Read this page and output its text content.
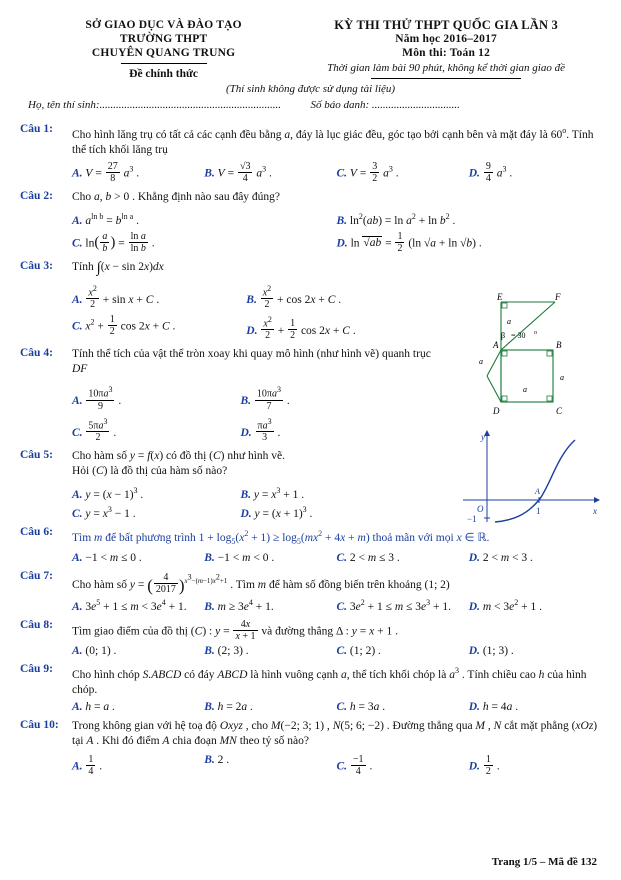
SỞ GIAO DỤC VÀ ĐÀO TẠO
TRƯỜNG THPT
CHUYÊN QUANG TRUNG
Đề chính thức
KỲ THI THỬ THPT QUỐC GIA LẦN 3
Năm học 2016–2017
Môn thi: Toán 12
Thời gian làm bài 90 phút, không kể thời gian giao đề
(Thí sinh không được sử dụng tài liệu)
Họ, tên thí sinh:..................................................................	Số báo danh: ................................
Câu 1:	Cho hình lăng trụ có tất cả các cạnh đều bằng a, đáy là lục giác đều, góc tạo bởi cạnh bên và mặt đáy là 60$^o$. Tính thể tích khối lăng trụ
A. $V = \frac{27}{8} a^3$ .	B. $V = \frac{√3}{4} a^3$ .	C. $V = \frac{3}{2} a^3$ .	D. $\frac{9}{4} a^3$ .
Câu 2:	Cho a, b > 0 . Khẳng định nào sau đây đúng?
A. $a^{ln b} = b^{ln a}$ .	B. $\ln^2(ab) = \ln a^2 + \ln b^2$ .
C. $\ln( \frac{a}{b}$ ) = $\frac{\text{ln a}}{\text{ln b}}$ .	D. $\ln √ab = \frac{1}{2} (\ln$ √a + ln √b) .
Câu 3:	Tính ∫(x − sin 2x)dx
A. $\frac{x^2}{2} + \sin x + C$ .	B. $\frac{x^2}{2} + \cos 2x + C$ .
C. $x^2 + \frac{1}{2}$ cos 2x + C .	D. $\frac{x^2}{2} + \frac{1}{2}$ cos 2x + C .
Câu 4:	Tính thể tích của vật thể tròn xoay khi quay mô hình (như hình vẽ) quanh trục DF
A. $\frac{10\pi a^3}{9}$ .	B. $\frac{10\pi a^3}{7}$ .
C. $\frac{5\pi a^3}{2}$ .	D. $\frac{\pi a^3}{3}$ .
Câu 5:	Cho hàm số y = f(x) có đồ thị (C) như hình vẽ.
Hỏi (C) là đồ thị của hàm số nào?
A. $y = (x - 1)^3$ .	B. $y = x^3 + 1$ .
C. $y = x^3 - 1$ .	D. $y = (x + 1)^3$ .
Câu 6:	Tìm m để bất phương trình $1 + \log_5(x^2 + 1) \ge \log_5(mx^2 + 4x + m)$ thoả mãn với mọi x ∈ ℝ.
A. −1 < m ≤ 0 .	B. −1 < m < 0 .	C. 2 < m ≤ 3 .	D. 2 < m < 3 .
Câu 7:
Cho hàm số y = ( $\frac{4}{2017} )^{x^3-(m-1)x^2+1}$ . Tìm m để hàm số đồng biến trên khoảng (1; 2)
A. $3e^5 + 1 \le m < 3e^4 + 1$.	B. $m \ge 3e^4 + 1$.	C. $3e^2 + 1 \le m \le 3e^3 + 1$.	D. $m < 3e^2 + 1$ .
Câu 8:
Tìm giao điểm của đồ thị (C) : $y = \frac{4x}{x + 1}$ và đường thẳng Δ : y = x + 1 .
A. (0; 1) .	B. (2; 3) .	C. (1; 2) .	D. (1; 3) .
Câu 9:	Cho hình chóp S.ABCD có đáy ABCD là hình vuông cạnh a, thể tích khối chóp là $a^3$ . Tính chiều cao h của hình chóp.
A. h = a .	B. h = 2a .	C. h = 3a .	D. h = 4a .
Câu 10:	Trong không gian với hệ toạ độ Oxyz , cho M(−2; 3; 1) , N(5; 6; −2) . Đường thẳng qua M , N cắt mặt phẳng (xOz) tại A . Khi đó điểm A chia đoạn MN theo tỷ số nào?
A. $\frac{1}{4}$ .
B. 2 .
C. $\frac{-1}{4}$ .	D. $\frac{1}{2}$ .
E	F
A	B
D	C
a
a
a
a
β = 30 o
y
x
O	1
−1
A
Trang 1/5 – Mã đề 132
